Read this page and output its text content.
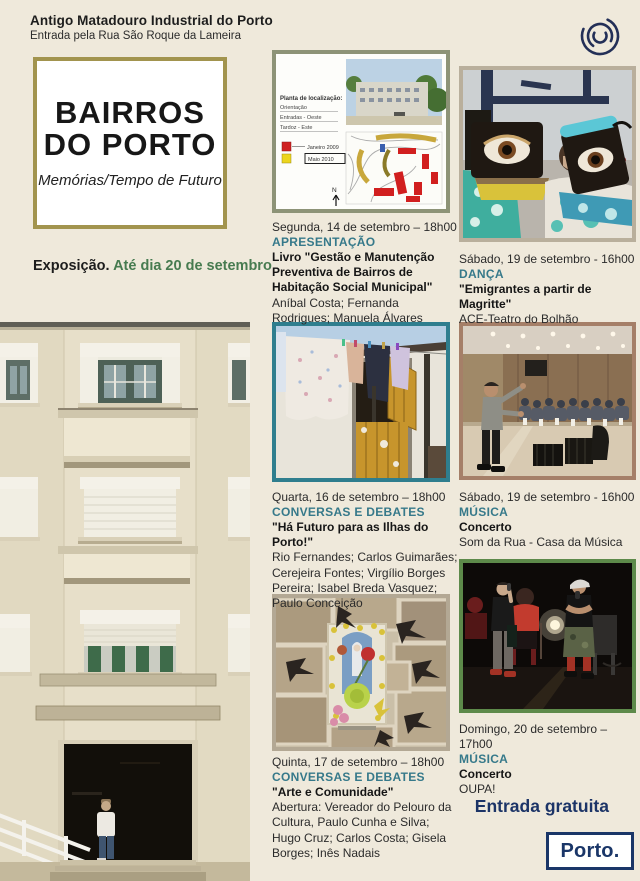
Antigo Matadouro Industrial do Porto
Entrada pela Rua São Roque da Lameira
BAIRROS
DO PORTO
Memórias/Tempo de Futuro
Exposição. Até dia 20 de setembro
Planta de localização:
Orientação
Entradas - Oeste
Tardoz - Este
Janeiro 2009
Maio 2010
N
Segunda, 14 de setembro – 18h00
APRESENTAÇÃO
Livro "Gestão e Manutenção Preventiva de Bairros de Habitação Social Municipal"
Aníbal Costa; Fernanda Rodrigues; Manuela Álvares
Sábado, 19 de setembro - 16h00
DANÇA
"Emigrantes a partir de Magritte"
ACE-Teatro do Bolhão
Quarta, 16 de setembro – 18h00
CONVERSAS E DEBATES
"Há Futuro para as Ilhas do Porto!"
Rio Fernandes; Carlos Guimarães; Cerejeira Fontes; Virgílio Borges Pereira; Isabel Breda Vasquez; Paulo Conceição
Sábado, 19 de setembro - 16h00
MÚSICA
Concerto
Som da Rua - Casa da Música
Quinta, 17 de setembro – 18h00
CONVERSAS E DEBATES
"Arte e Comunidade"
Abertura: Vereador do Pelouro da Cultura, Paulo Cunha e Silva; Hugo Cruz; Carlos Costa; Gisela Borges; Inês Nadais
Domingo, 20 de setembro – 17h00
MÚSICA
Concerto
OUPA!
Entrada gratuita
Porto.
